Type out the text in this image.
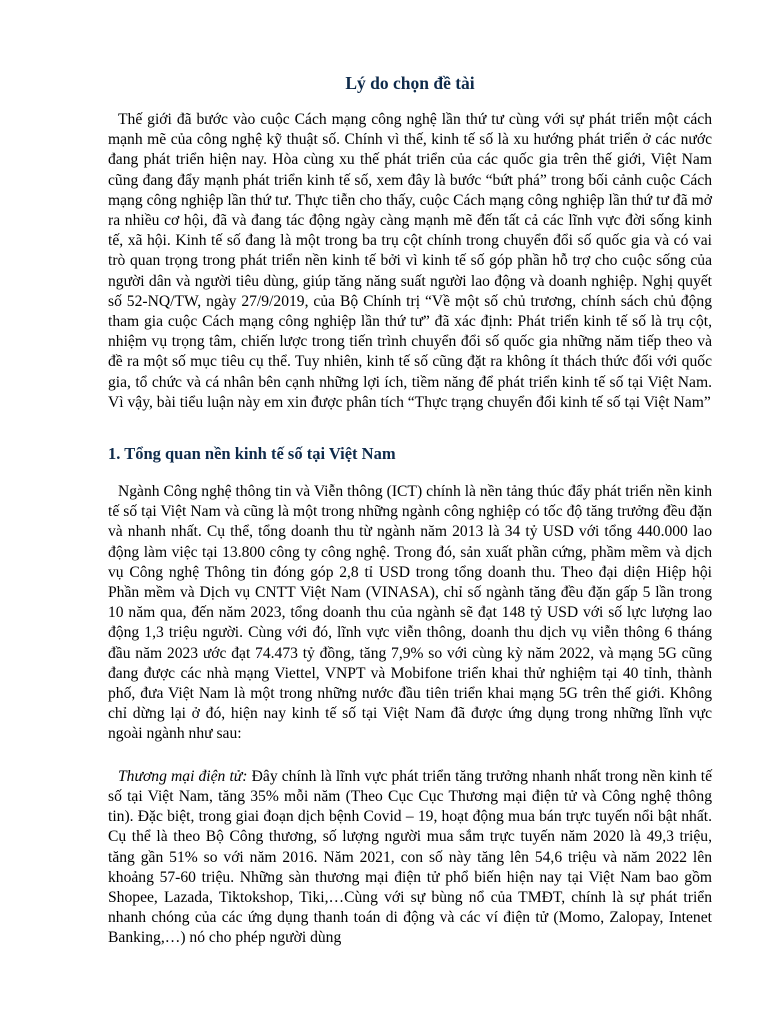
Lý do chọn đề tài

Thế giới đã bước vào cuộc Cách mạng công nghệ lần thứ tư cùng với sự phát triển một cách mạnh mẽ của công nghệ kỹ thuật số. Chính vì thế, kinh tế số là xu hướng phát triển ở các nước đang phát triển hiện nay. Hòa cùng xu thế phát triển của các quốc gia trên thế giới, Việt Nam cũng đang đẩy mạnh phát triển kinh tế số, xem đây là bước “bứt phá” trong bối cảnh cuộc Cách mạng công nghiệp lần thứ tư. Thực tiễn cho thấy, cuộc Cách mạng công nghiệp lần thứ tư đã mở ra nhiều cơ hội, đã và đang tác động ngày càng mạnh mẽ đến tất cả các lĩnh vực đời sống kinh tế, xã hội. Kinh tế số đang là một trong ba trụ cột chính trong chuyển đổi số quốc gia và có vai trò quan trọng trong phát triển nền kinh tế bởi vì kinh tế số góp phần hỗ trợ cho cuộc sống của người dân và người tiêu dùng, giúp tăng năng suất người lao động và doanh nghiệp. Nghị quyết số 52-NQ/TW, ngày 27/9/2019, của Bộ Chính trị “Về một số chủ trương, chính sách chủ động tham gia cuộc Cách mạng công nghiệp lần thứ tư” đã xác định: Phát triển kinh tế số là trụ cột, nhiệm vụ trọng tâm, chiến lược trong tiến trình chuyển đổi số quốc gia những năm tiếp theo và đề ra một số mục tiêu cụ thể. Tuy nhiên, kinh tế số cũng đặt ra không ít thách thức đối với quốc gia, tổ chức và cá nhân bên cạnh những lợi ích, tiềm năng để phát triển kinh tế số tại Việt Nam. Vì vậy, bài tiểu luận này em xin được phân tích “Thực trạng chuyển đổi kinh tế số tại Việt Nam”

1. Tổng quan nền kinh tế số tại Việt Nam

Ngành Công nghệ thông tin và Viễn thông (ICT) chính là nền tảng thúc đẩy phát triển nền kinh tế số tại Việt Nam và cũng là một trong những ngành công nghiệp có tốc độ tăng trưởng đều đặn và nhanh nhất. Cụ thể, tổng doanh thu từ ngành năm 2013 là 34 tỷ USD với tổng 440.000 lao động làm việc tại 13.800 công ty công nghệ. Trong đó, sản xuất phần cứng, phầm mềm và dịch vụ Công nghệ Thông tin đóng góp 2,8 tỉ USD trong tổng doanh thu. Theo đại diện Hiệp hội Phần mềm và Dịch vụ CNTT Việt Nam (VINASA), chỉ số ngành tăng đều đặn gấp 5 lần trong 10 năm qua, đến năm 2023, tổng doanh thu của ngành sẽ đạt 148 tỷ USD với số lực lượng lao động 1,3 triệu người. Cùng với đó, lĩnh vực viễn thông, doanh thu dịch vụ viễn thông 6 tháng đầu năm 2023 ước đạt 74.473 tỷ đồng, tăng 7,9% so với cùng kỳ năm 2022, và mạng 5G cũng đang được các nhà mạng Viettel, VNPT và Mobifone triển khai thử nghiệm tại 40 tỉnh, thành phố, đưa Việt Nam là một trong những nước đầu tiên triển khai mạng 5G trên thế giới. Không chỉ dừng lại ở đó, hiện nay kinh tế số tại Việt Nam đã được ứng dụng trong những lĩnh vực ngoài ngành như sau:

Thương mại điện tử: Đây chính là lĩnh vực phát triển tăng trưởng nhanh nhất trong nền kinh tế số tại Việt Nam, tăng 35% mỗi năm (Theo Cục Cục Thương mại điện tử và Công nghệ thông tin). Đặc biệt, trong giai đoạn dịch bệnh Covid – 19, hoạt động mua bán trực tuyến nổi bật nhất. Cụ thể là theo Bộ Công thương, số lượng người mua sắm trực tuyến năm 2020 là 49,3 triệu, tăng gần 51% so với năm 2016. Năm 2021, con số này tăng lên 54,6 triệu và năm 2022 lên khoảng 57-60 triệu. Những sàn thương mại điện tử phổ biến hiện nay tại Việt Nam bao gồm Shopee, Lazada, Tiktokshop, Tiki,…Cùng với sự bùng nổ của TMĐT, chính là sự phát triển nhanh chóng của các ứng dụng thanh toán di động và các ví điện tử (Momo, Zalopay, Intenet Banking,…) nó cho phép người dùng
